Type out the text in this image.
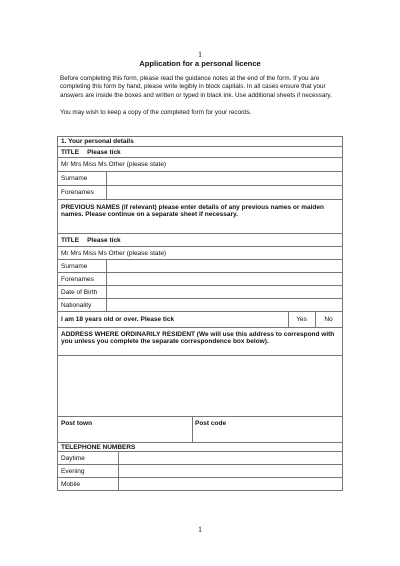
1
Application for a personal licence

Before completing this form, please read the guidance notes at the end of the form. If you are completing this form by hand, please write legibly in block capitals. In all cases ensure that your answers are inside the boxes and written or typed in black ink. Use additional sheets if necessary.

You may wish to keep a copy of the completed form for your records.

1. Your personal details
TITLE Please tick
Mr Mrs Miss Ms Other (please state)
Surname
Forenames
PREVIOUS NAMES (if relevant) please enter details of any previous names or maiden names. Please continue on a separate sheet if necessary.
TITLE Please tick
Mr Mrs Miss Ms Other (please state)
Surname
Forenames
Date of Birth
Nationality
I am 18 years old or over. Please tick	Yes	No
ADDRESS WHERE ORDINARILY RESIDENT (We will use this address to correspond with you unless you complete the separate correspondence box below).
Post town	Post code
TELEPHONE NUMBERS
Daytime
Evening
Mobile
1
